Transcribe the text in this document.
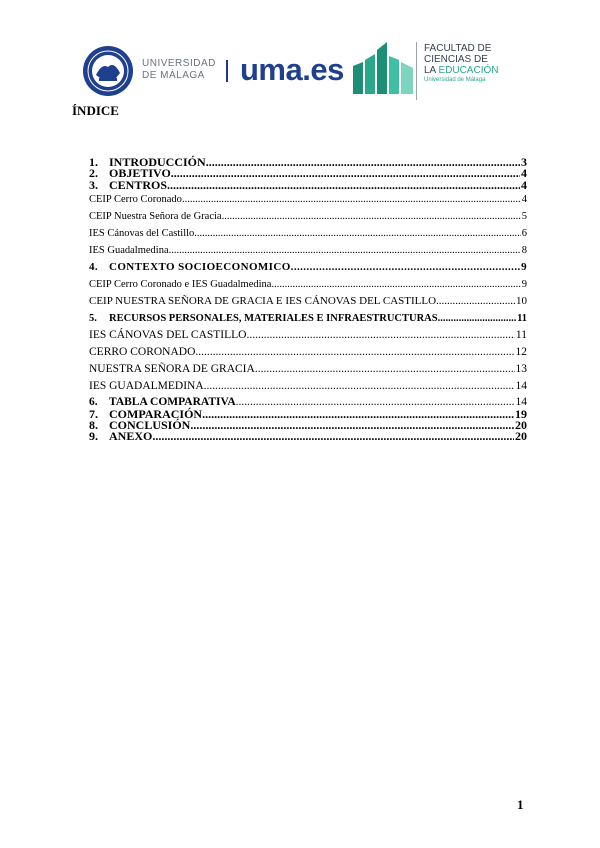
UNIVERSIDAD
DE MÁLAGA	uma.es
FACULTAD DE
CIENCIAS DE
LA EDUCACIÓN
Universidad de Málaga
ÍNDICE
1. INTRODUCCIÓN .....	3
2. OBJETIVO .....	4
3. CENTROS .....	4
CEIP Cerro Coronado .....	4
CEIP Nuestra Señora de Gracia .....	5
IES Cánovas del Castillo .....	6
IES Guadalmedina .....	8
4. CONTEXTO SOCIOECONOMICO .....	9
CEIP Cerro Coronado e IES Guadalmedina .....	9
CEIP NUESTRA SEÑORA DE GRACIA E IES CÁNOVAS DEL CASTILLO .....	10
5.	RECURSOS PERSONALES, MATERIALES E INFRAESTRUCTURAS .....	11
IES CÁNOVAS DEL CASTILLO .....	11
CERRO CORONADO .....	12
NUESTRA SEÑORA DE GRACIA .....	13
IES GUADALMEDINA .....	14
6. TABLA COMPARATIVA .....	14
7. COMPARACIÓN .....	19
8. CONCLUSIÓN .....	20
9. ANEXO .....	20
1
